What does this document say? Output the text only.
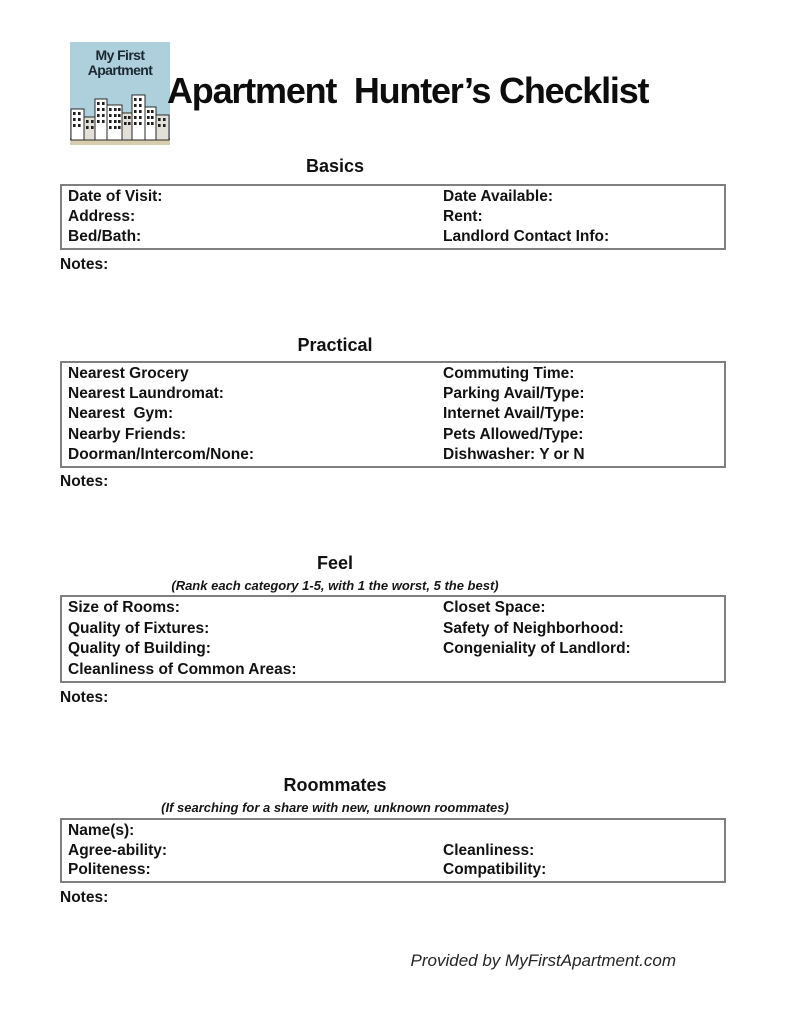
My First
Apartment Apartment  Hunter’s Checklist
Basics
Date of Visit:	Date Available:
Address:	Rent:
Bed/Bath:	Landlord Contact Info:
Notes:
Practical
Nearest Grocery	Commuting Time:
Nearest Laundromat:	Parking Avail/Type:
Nearest  Gym:	Internet Avail/Type:
Nearby Friends:	Pets Allowed/Type:
Doorman/Intercom/None:	Dishwasher: Y or N
Notes:
Feel
(Rank each category 1-5, with 1 the worst, 5 the best)
Size of Rooms:	Closet Space:
Quality of Fixtures:	Safety of Neighborhood:
Quality of Building:	Congeniality of Landlord:
Cleanliness of Common Areas:
Notes:
Roommates
(If searching for a share with new, unknown roommates)
Name(s):
Agree-ability:	Cleanliness:
Politeness:	Compatibility:
Notes:
Provided by MyFirstApartment.com
